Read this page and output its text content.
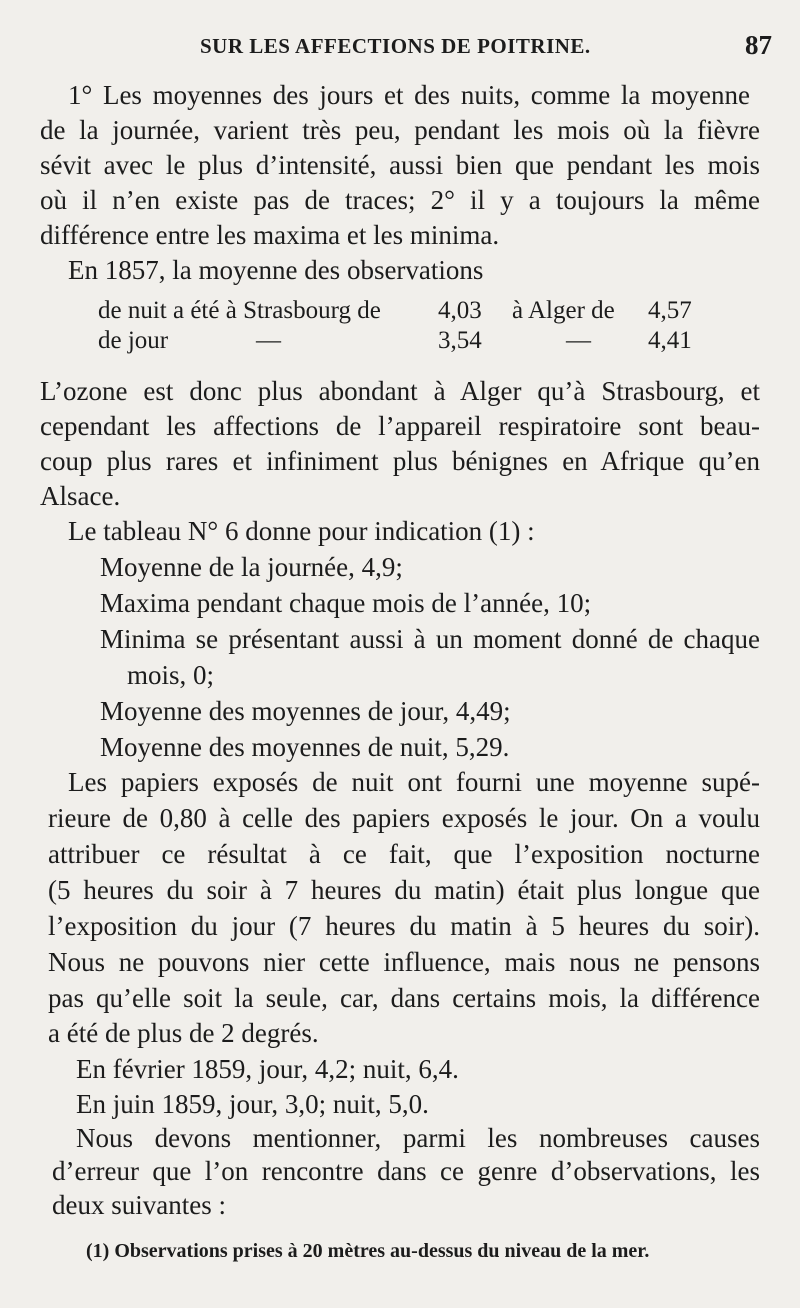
SUR LES AFFECTIONS DE POITRINE.	87
1° Les moyennes des jours et des nuits, comme la moyenne
de la journée, varient très peu, pendant les mois où la fièvre
sévit avec le plus d’intensité, aussi bien que pendant les mois
où il n’en existe pas de traces; 2° il y a toujours la même
différence entre les maxima et les minima.
En 1857, la moyenne des observations
de nuit a été à Strasbourg de 4,03 à Alger de 4,57
de jour	—	3,54	— 4,41
L’ozone est donc plus abondant à Alger qu’à Strasbourg, et
cependant les affections de l’appareil respiratoire sont beau-
coup plus rares et infiniment plus bénignes en Afrique qu’en
Alsace.
Le tableau N° 6 donne pour indication (1) :
Moyenne de la journée, 4,9;
Maxima pendant chaque mois de l’année, 10;
Minima se présentant aussi à un moment donné de chaque
mois, 0;
Moyenne des moyennes de jour, 4,49;
Moyenne des moyennes de nuit, 5,29.
Les papiers exposés de nuit ont fourni une moyenne supé-
rieure de 0,80 à celle des papiers exposés le jour. On a voulu
attribuer ce résultat à ce fait, que l’exposition nocturne
(5 heures du soir à 7 heures du matin) était plus longue que
l’exposition du jour (7 heures du matin à 5 heures du soir).
Nous ne pouvons nier cette influence, mais nous ne pensons
pas qu’elle soit la seule, car, dans certains mois, la différence
a été de plus de 2 degrés.
En février 1859, jour, 4,2; nuit, 6,4.
En juin 1859, jour, 3,0; nuit, 5,0.
Nous devons mentionner, parmi les nombreuses causes
d’erreur que l’on rencontre dans ce genre d’observations, les
deux suivantes :
(1) Observations prises à 20 mètres au-dessus du niveau de la mer.
